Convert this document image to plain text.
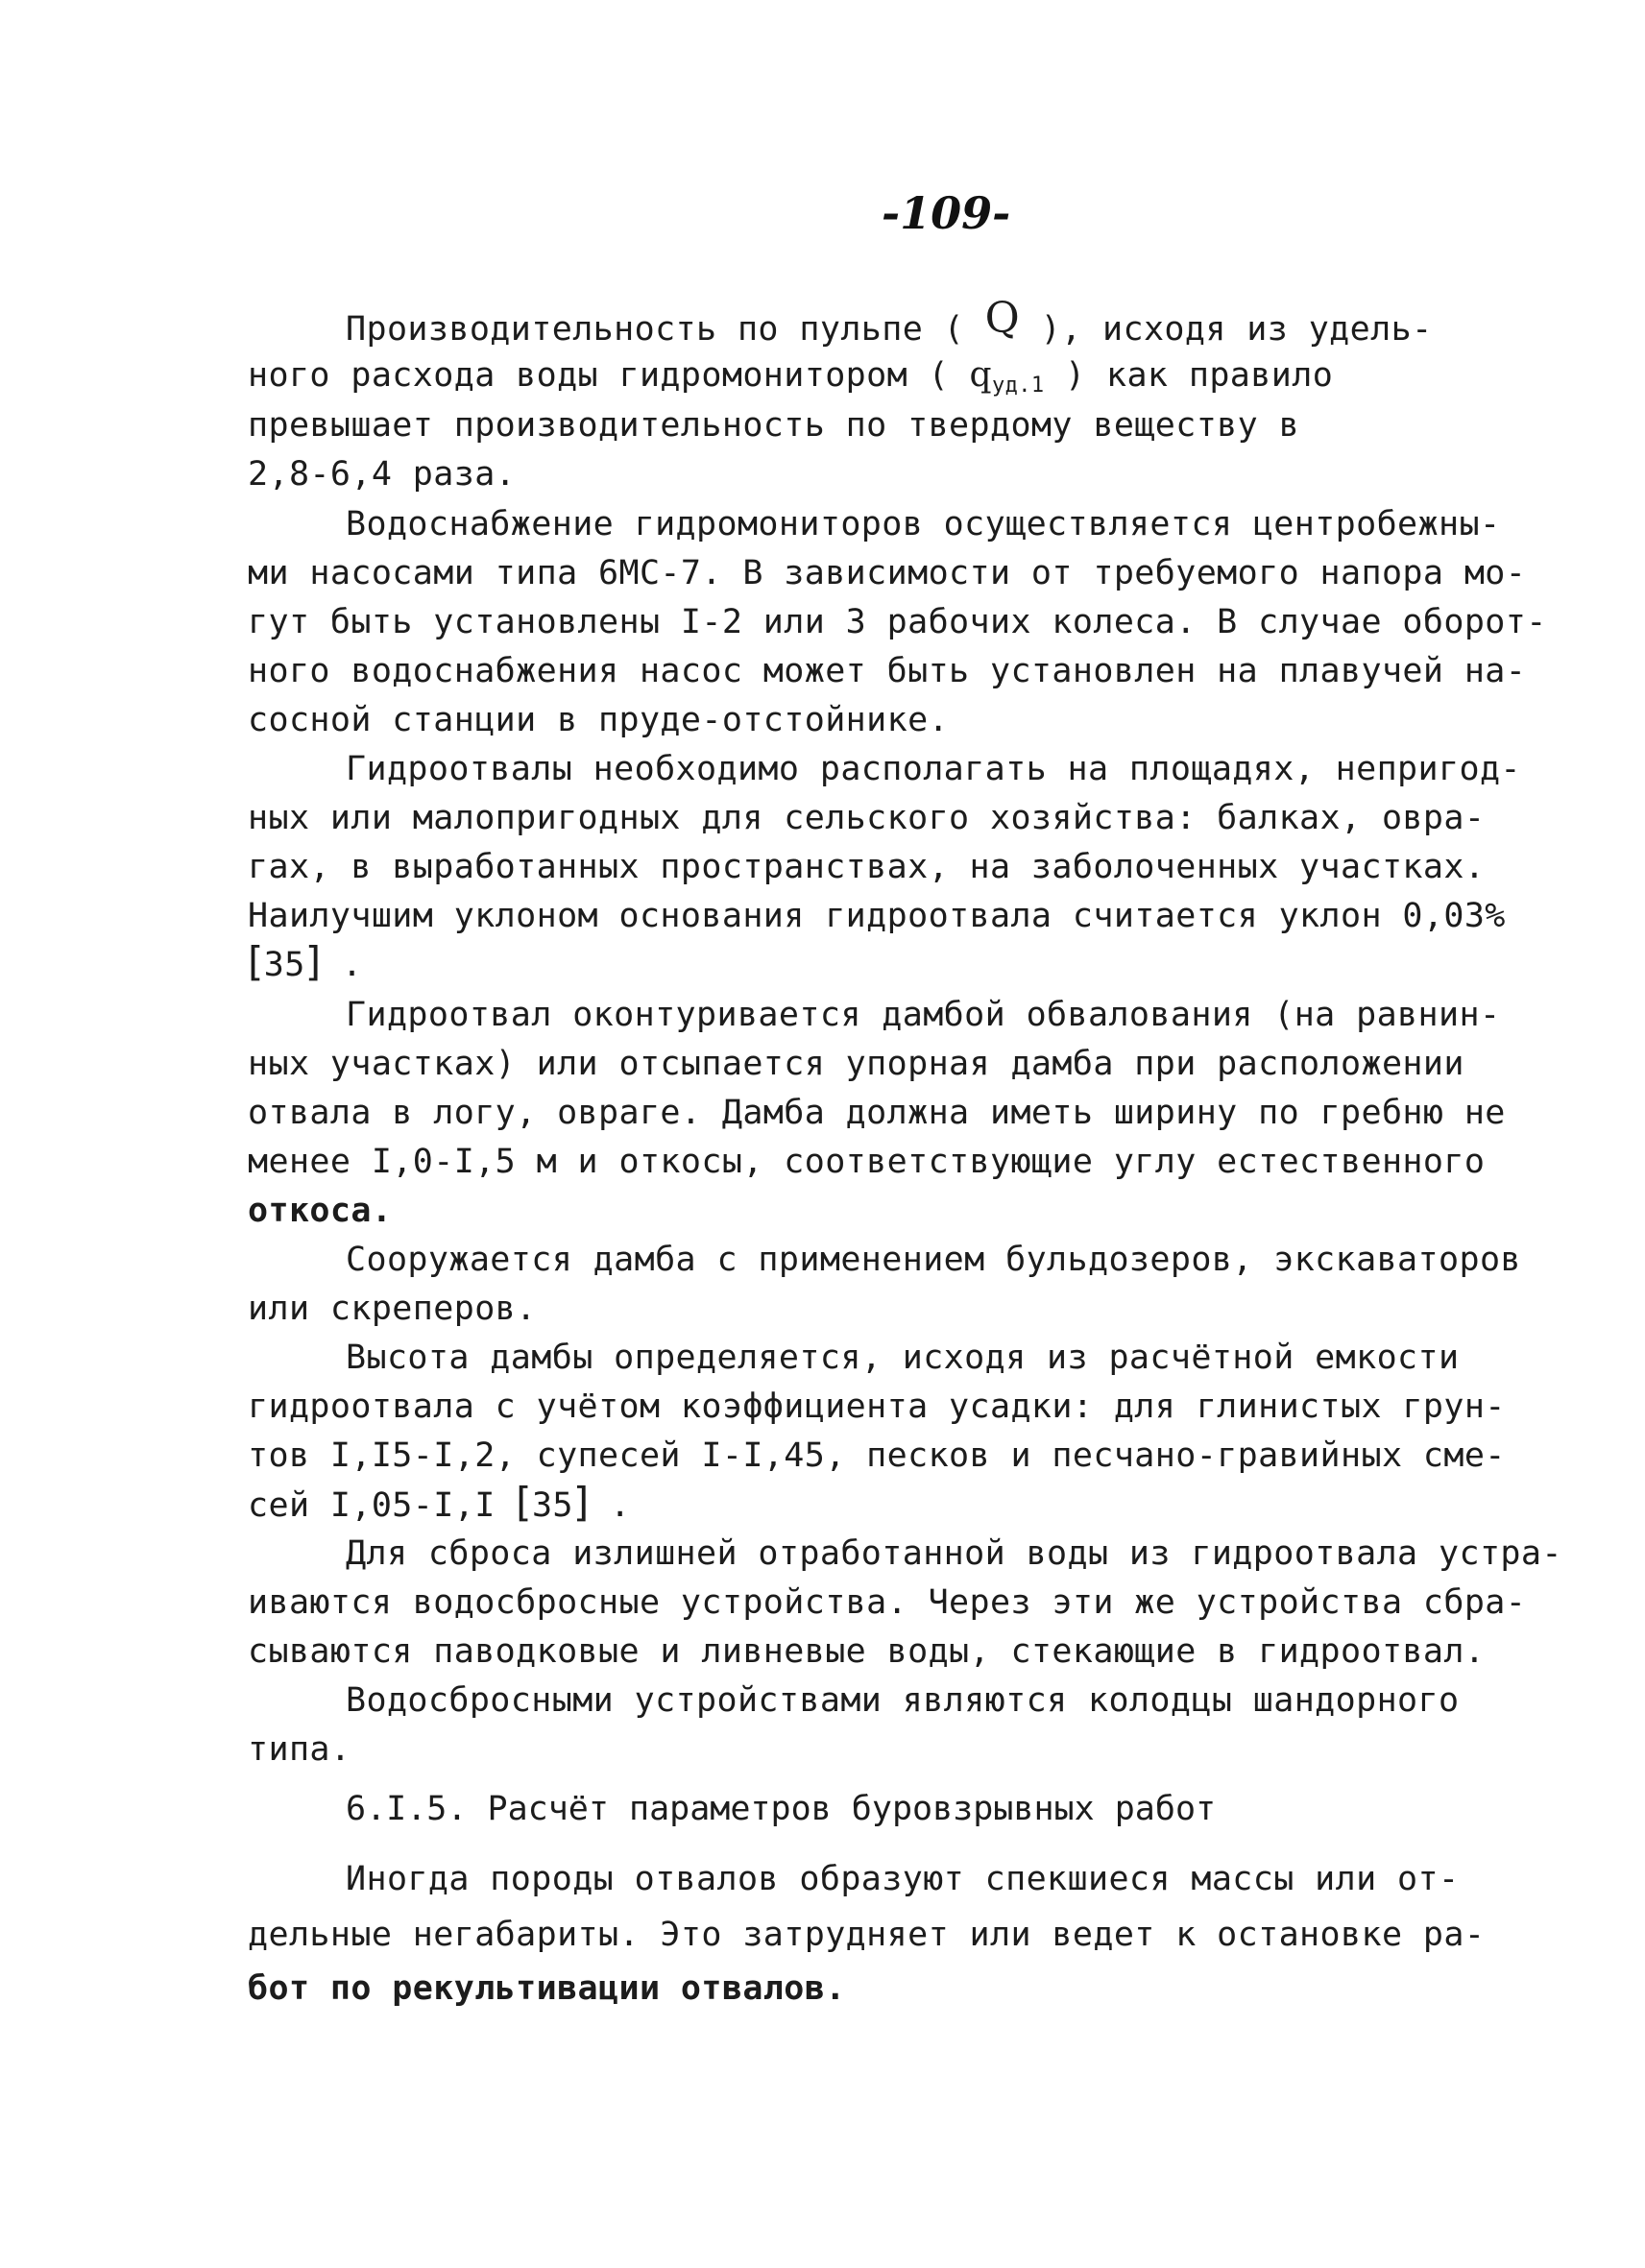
-109-
Производительность по пульпе ( Q ), исходя из удель-
ного расхода воды гидромонитором ( qуд.1 ) как правило
превышает производительность по твердому веществу в
2,8-6,4 раза.
Водоснабжение гидромониторов осуществляется центробежны-
ми насосами типа 6МС-7. В зависимости от требуемого напора мо-
гут быть установлены I-2 или 3 рабочих колеса. В случае оборот-
ного водоснабжения насос может быть установлен на плавучей на-
сосной станции в пруде-отстойнике.
Гидроотвалы необходимо располагать на площадях, непригод-
ных или малопригодных для сельского хозяйства: балках, овра-
гах, в выработанных пространствах, на заболоченных участках.
Наилучшим уклоном основания гидроотвала считается уклон 0,03%
[35] .
Гидроотвал оконтуривается дамбой обвалования (на равнин-
ных участках) или отсыпается упорная дамба при расположении
отвала в логу, овраге. Дамба должна иметь ширину по гребню не
менее I,0-I,5 м и откосы, соответствующие углу естественного
откоса.
Сооружается дамба с применением бульдозеров, экскаваторов
или скреперов.
Высота дамбы определяется, исходя из расчётной емкости
гидроотвала с учётом коэффициента усадки: для глинистых грун-
тов I,I5-I,2, супесей I-I,45, песков и песчано-гравийных сме-
сей I,05-I,I [35] .
Для сброса излишней отработанной воды из гидроотвала устра-
иваются водосбросные устройства. Через эти же устройства сбра-
сываются паводковые и ливневые воды, стекающие в гидроотвал.
Водосбросными устройствами являются колодцы шандорного
типа.
6.I.5. Расчёт параметров буровзрывных работ
Иногда породы отвалов образуют спекшиеся массы или от-
дельные негабариты. Это затрудняет или ведет к остановке ра-
бот по рекультивации отвалов.
